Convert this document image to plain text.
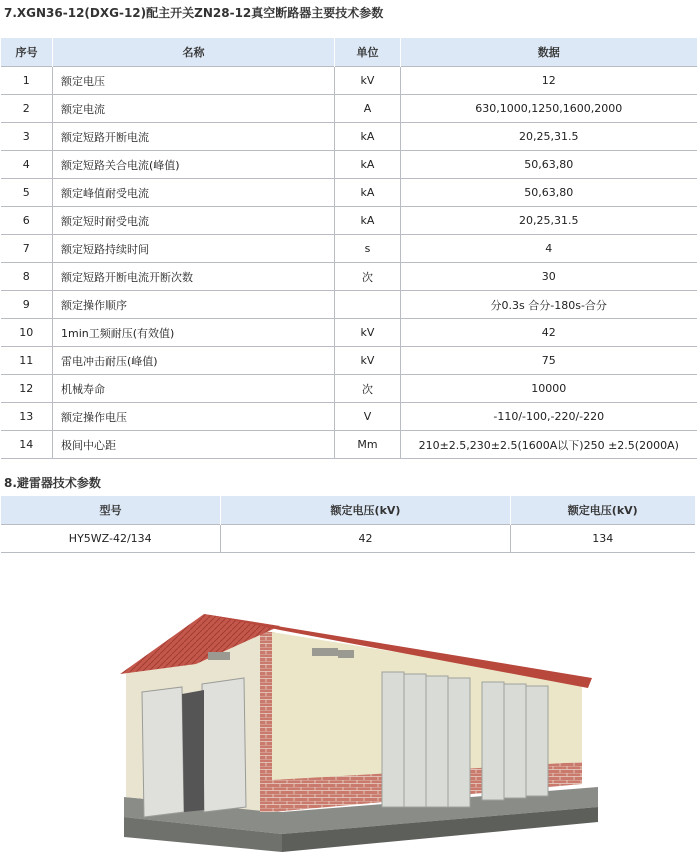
7.XGN36-12(DXG-12)配主开关ZN28-12真空断路器主要技术参数
序号	名称	单位	数据
1	额定电压	kV	12
2	额定电流	A	630,1000,1250,1600,2000
3	额定短路开断电流	kA	20,25,31.5
4	额定短路关合电流(峰值)	kA	50,63,80
5	额定峰值耐受电流	kA	50,63,80
6	额定短时耐受电流	kA	20,25,31.5
7	额定短路持续时间	s	4
8	额定短路开断电流开断次数	次	30
9	额定操作顺序		分0.3s 合分-180s-合分
10	1min工频耐压(有效值)	kV	42
11	雷电冲击耐压(峰值)	kV	75
12	机械寿命	次	10000
13	额定操作电压	V	-110/-100,-220/-220
14	极间中心距	Mm	210±2.5,230±2.5(1600A以下)250 ±2.5(2000A)
8.避雷器技术参数
型号	额定电压(kV)	额定电压(kV)
HY5WZ-42/134	42	134
